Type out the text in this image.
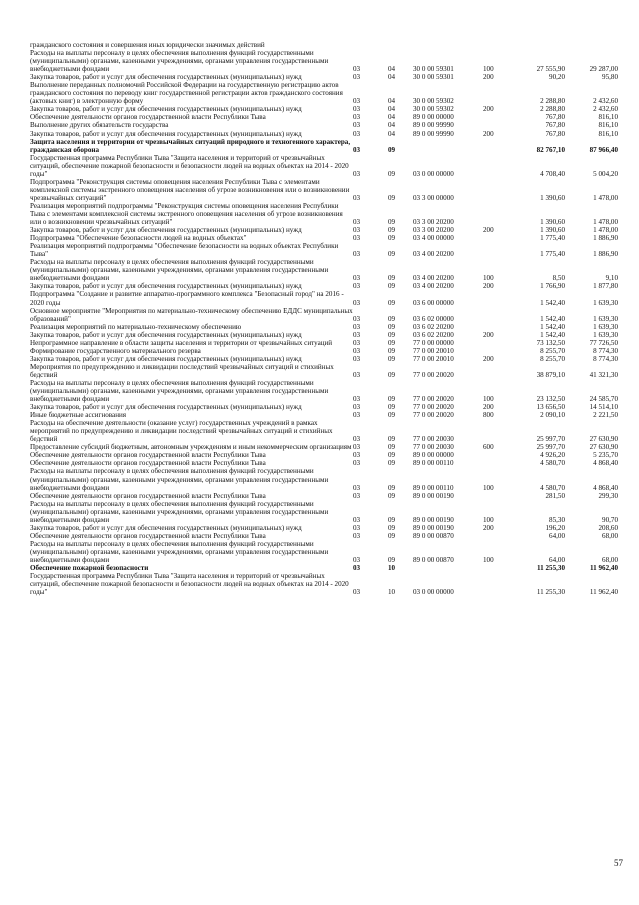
гражданского состояния и совершения иных юридически значимых действий						
Расходы на выплаты персоналу в целях обеспечения выполнения функций государственными (муниципальными) органами, казенными учреждениями, органами управления государственными внебюджетными фондами	03	04	30 0 00 59301	100	27 555,90	29 287,00
Закупка товаров, работ и услуг для обеспечения государственных (муниципальных) нужд	03	04	30 0 00 59301	200	90,20	95,80
Выполнение переданных полномочий Российской Федерации на государственную регистрацию актов гражданского состояния по переводу книг государственной регистрации актов гражданского состояния (актовых книг) в электронную форму	03	04	30 0 00 59302		2 288,80	2 432,60
Закупка товаров, работ и услуг для обеспечения государственных (муниципальных) нужд	03	04	30 0 00 59302	200	2 288,80	2 432,60
Обеспечение деятельности органов государственной власти Республики Тыва	03	04	89 0 00 00000		767,80	816,10
Выполнение других обязательств государства	03	04	89 0 00 99990		767,80	816,10
Закупка товаров, работ и услуг для обеспечения государственных (муниципальных) нужд	03	04	89 0 00 99990	200	767,80	816,10
Защита населения и территории от чрезвычайных ситуаций природного и техногенного характера, гражданская оборона	03	09			82 767,10	87 966,40
Государственная программа Республики Тыва "Защита населения и территорий от чрезвычайных ситуаций, обеспечение пожарной безопасности и безопасности людей на водных объектах на 2014 - 2020 годы"	03	09	03 0 00 00000		4 708,40	5 004,20
Подпрограмма "Реконструкция системы оповещения населения Республики Тыва с элементами комплексной системы экстренного оповещения населения об угрозе возникновения или о возникновении чрезвычайных ситуаций"	03	09	03 3 00 00000		1 390,60	1 478,00
Реализация мероприятий подпрограммы "Реконструкция системы оповещения населения Республики Тыва с элементами комплексной системы экстренного оповещения населения об угрозе возникновения или о возникновении чрезвычайных ситуаций"	03	09	03 3 00 20200		1 390,60	1 478,00
Закупка товаров, работ и услуг для обеспечения государственных (муниципальных) нужд	03	09	03 3 00 20200	200	1 390,60	1 478,00
Подпрограмма "Обеспечение безопасности людей на водных объектах"	03	09	03 4 00 00000		1 775,40	1 886,90
Реализация мероприятий подпрограммы "Обеспечение безопасности на водных объектах Республики Тыва"	03	09	03 4 00 20200		1 775,40	1 886,90
Расходы на выплаты персоналу в целях обеспечения выполнения функций государственными (муниципальными) органами, казенными учреждениями, органами управления государственными внебюджетными фондами	03	09	03 4 00 20200	100	8,50	9,10
Закупка товаров, работ и услуг для обеспечения государственных (муниципальных) нужд	03	09	03 4 00 20200	200	1 766,90	1 877,80
Подпрограмма "Создание и развитие аппаратно-программного комплекса "Безопасный город" на 2016 - 2020 годы	03	09	03 6 00 00000		1 542,40	1 639,30
Основное мероприятие "Мероприятия по материально-техническому обеспечению ЕДДС муниципальных образований"	03	09	03 6 02 00000		1 542,40	1 639,30
Реализация мероприятий по материально-техническому обеспечению	03	09	03 6 02 20200		1 542,40	1 639,30
Закупка товаров, работ и услуг для обеспечения государственных (муниципальных) нужд	03	09	03 6 02 20200	200	1 542,40	1 639,30
Непрограммное направление в области защиты населения и территории от чрезвычайных ситуаций	03	09	77 0 00 00000		73 132,50	77 726,50
Формирование государственного материального резерва	03	09	77 0 00 20010		8 255,70	8 774,30
Закупка товаров, работ и услуг для обеспечения государственных (муниципальных) нужд	03	09	77 0 00 20010	200	8 255,70	8 774,30
Мероприятия по предупреждению и ликвидации последствий чрезвычайных ситуаций и стихийных бедствий	03	09	77 0 00 20020		38 879,10	41 321,30
Расходы на выплаты персоналу в целях обеспечения выполнения функций государственными (муниципальными) органами, казенными учреждениями, органами управления государственными внебюджетными фондами	03	09	77 0 00 20020	100	23 132,50	24 585,70
Закупка товаров, работ и услуг для обеспечения государственных (муниципальных) нужд	03	09	77 0 00 20020	200	13 656,50	14 514,10
Иные бюджетные ассигнования	03	09	77 0 00 20020	800	2 090,10	2 221,50
Расходы на обеспечение деятельности (оказание услуг) государственных учреждений в рамках мероприятий по предупреждению и ликвидации последствий чрезвычайных ситуаций и стихийных бедствий	03	09	77 0 00 20030		25 997,70	27 630,90
Предоставление субсидий бюджетным, автономным учреждениям и иным некоммерческим организациям	03	09	77 0 00 20030	600	25 997,70	27 630,90
Обеспечение деятельности органов государственной власти Республики Тыва	03	09	89 0 00 00000		4 926,20	5 235,70
Обеспечение деятельности органов государственной власти Республики Тыва	03	09	89 0 00 00110		4 580,70	4 868,40
Расходы на выплаты персоналу в целях обеспечения выполнения функций государственными (муниципальными) органами, казенными учреждениями, органами управления государственными внебюджетными фондами	03	09	89 0 00 00110	100	4 580,70	4 868,40
Обеспечение деятельности органов государственной власти Республики Тыва	03	09	89 0 00 00190		281,50	299,30
Расходы на выплаты персоналу в целях обеспечения выполнения функций государственными (муниципальными) органами, казенными учреждениями, органами управления государственными внебюджетными фондами	03	09	89 0 00 00190	100	85,30	90,70
Закупка товаров, работ и услуг для обеспечения государственных (муниципальных) нужд	03	09	89 0 00 00190	200	196,20	208,60
Обеспечение деятельности органов государственной власти Республики Тыва	03	09	89 0 00 00870		64,00	68,00
Расходы на выплаты персоналу в целях обеспечения выполнения функций государственными (муниципальными) органами, казенными учреждениями, органами управления государственными внебюджетными фондами	03	09	89 0 00 00870	100	64,00	68,00
Обеспечение пожарной безопасности	03	10			11 255,30	11 962,40
Государственная программа Республики Тыва "Защита населения и территорий от чрезвычайных ситуаций, обеспечение пожарной безопасности и безопасности людей на водных объектах на 2014 - 2020 годы"	03	10	03 0 00 00000		11 255,30	11 962,40
57
